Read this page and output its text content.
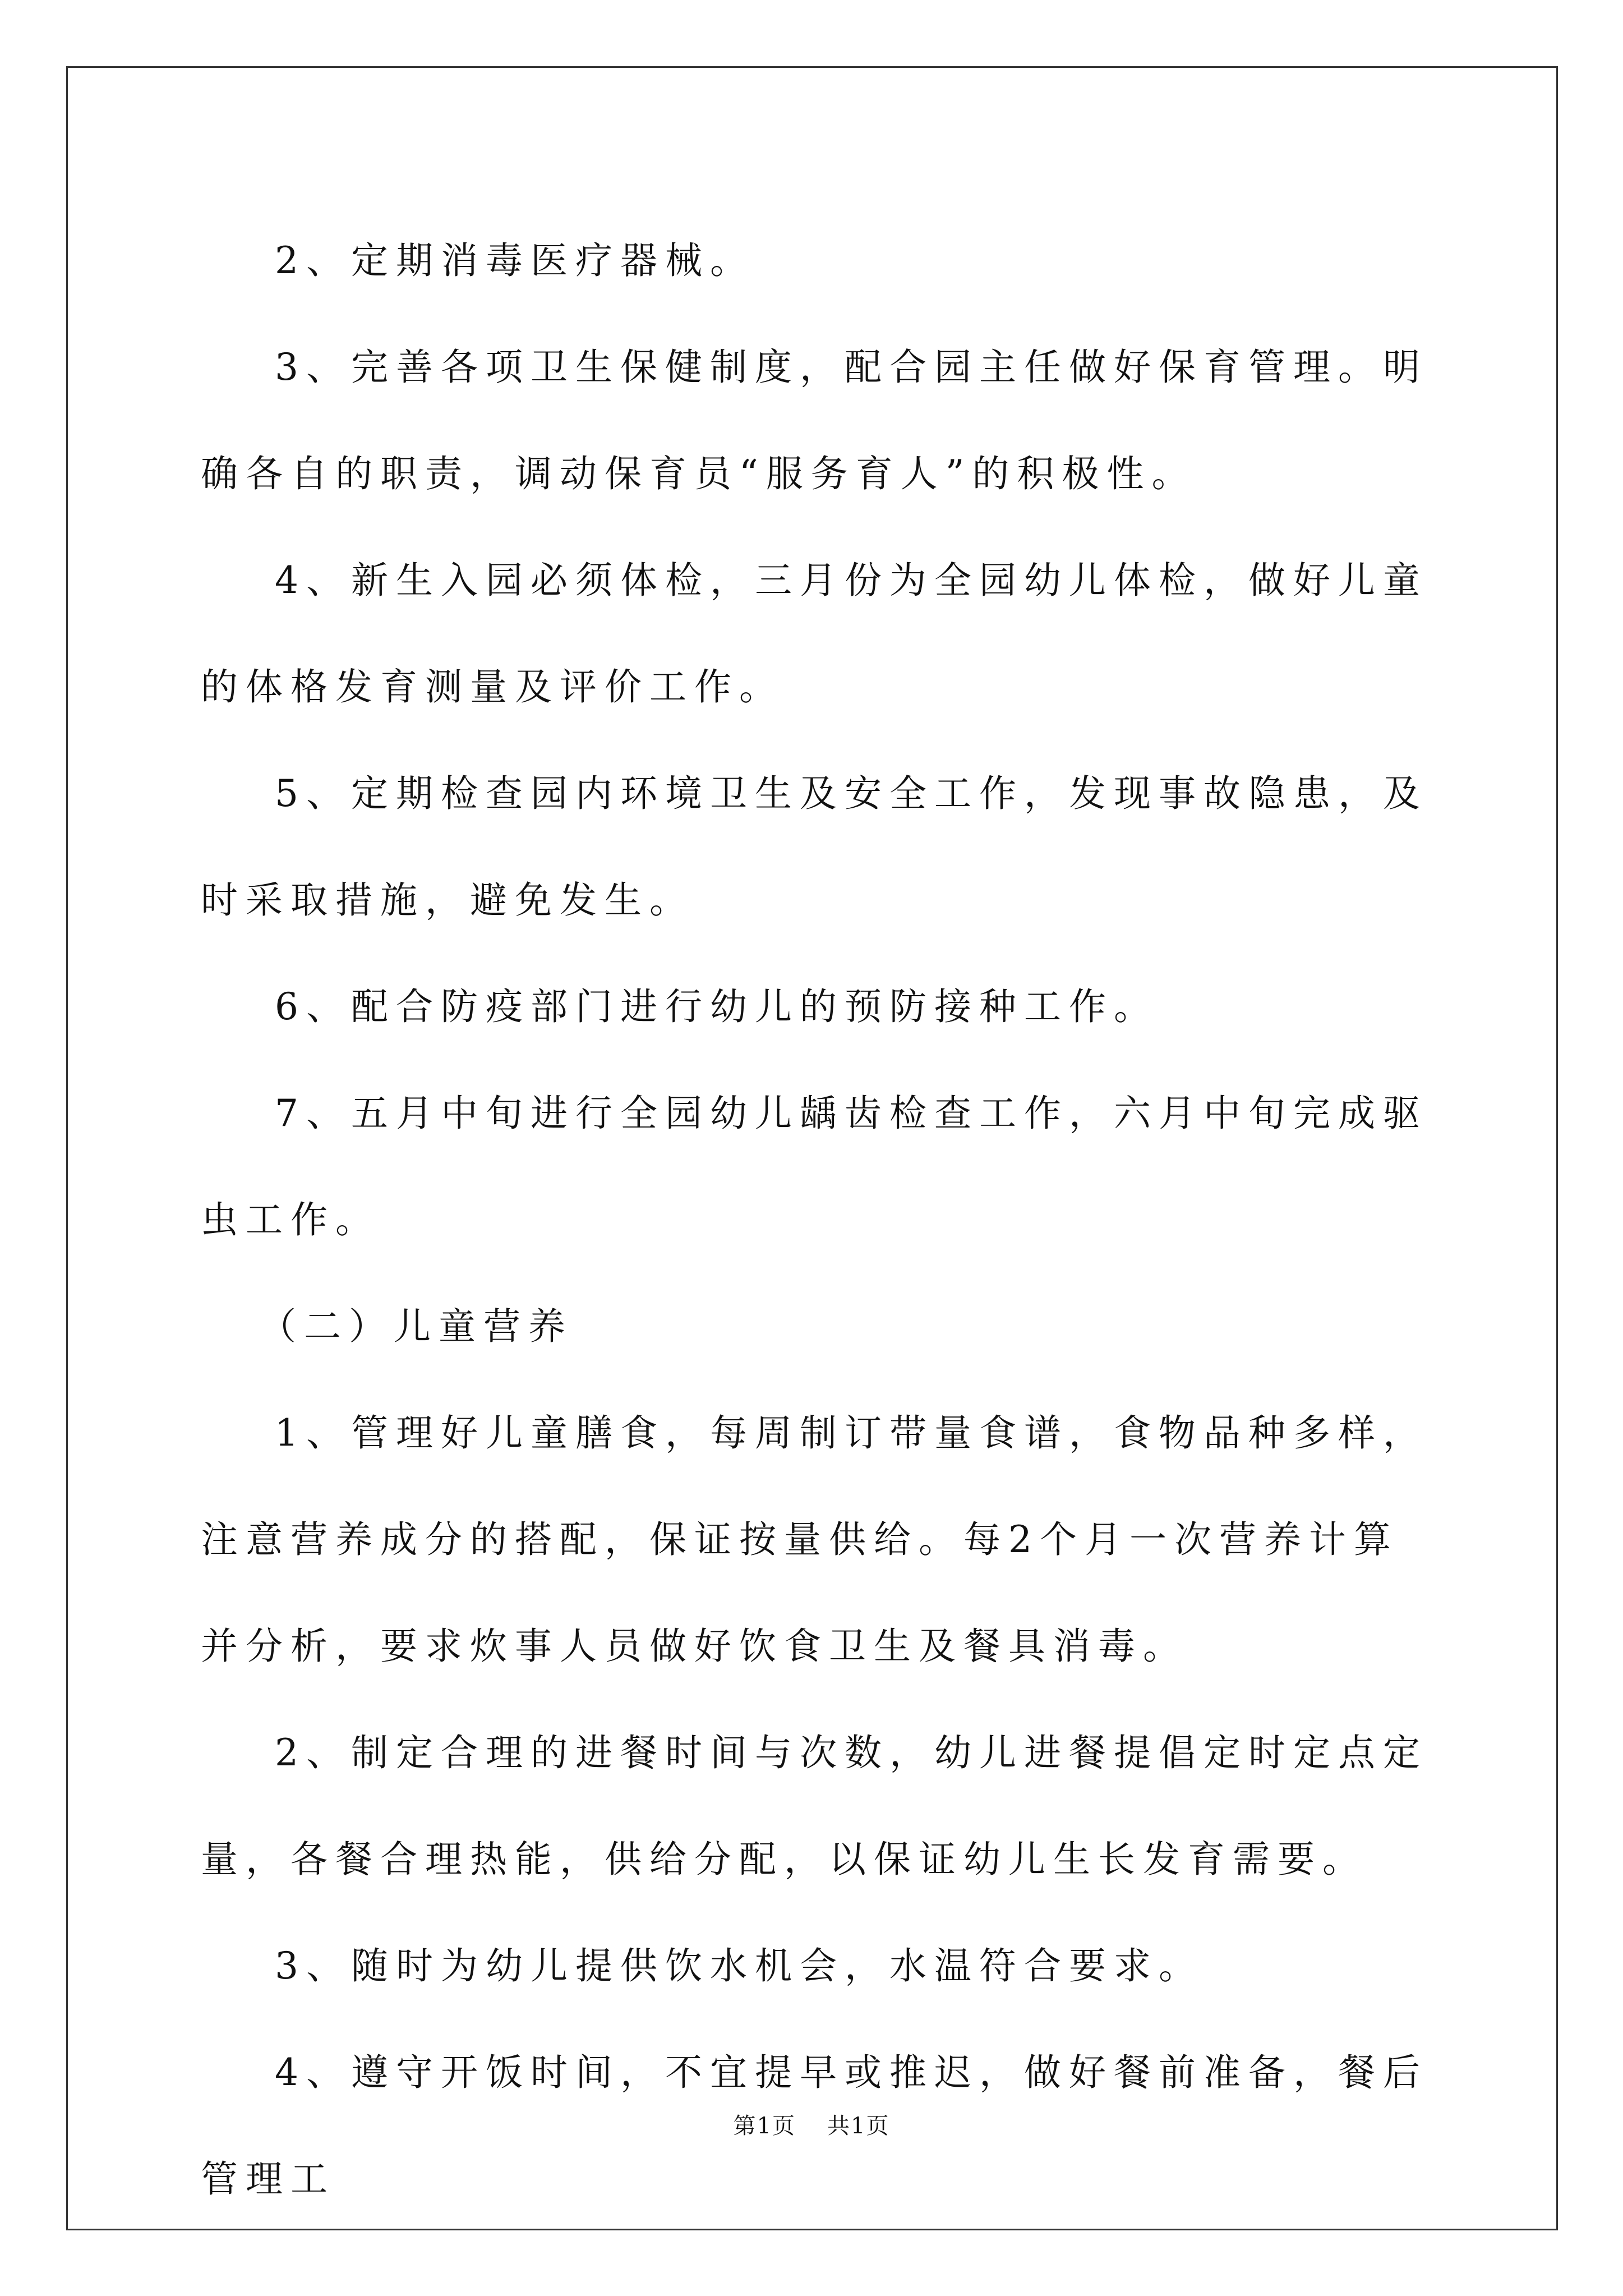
2、定期消毒医疗器械。

3、完善各项卫生保健制度，配合园主任做好保育管理。明确各自的职责，调动保育员“服务育人”的积极性。

4、新生入园必须体检，三月份为全园幼儿体检，做好儿童的体格发育测量及评价工作。

5、定期检查园内环境卫生及安全工作，发现事故隐患，及时采取措施，避免发生。

6、配合防疫部门进行幼儿的预防接种工作。

7、五月中旬进行全园幼儿龋齿检查工作，六月中旬完成驱虫工作。

（二）儿童营养

1、管理好儿童膳食，每周制订带量食谱，食物品种多样，注意营养成分的搭配，保证按量供给。每2个月一次营养计算并分析，要求炊事人员做好饮食卫生及餐具消毒。

2、制定合理的进餐时间与次数，幼儿进餐提倡定时定点定量，各餐合理热能，供给分配，以保证幼儿生长发育需要。

3、随时为幼儿提供饮水机会，水温符合要求。

4、遵守开饭时间，不宜提早或推迟，做好餐前准备，餐后管理工

第1页 共1页
